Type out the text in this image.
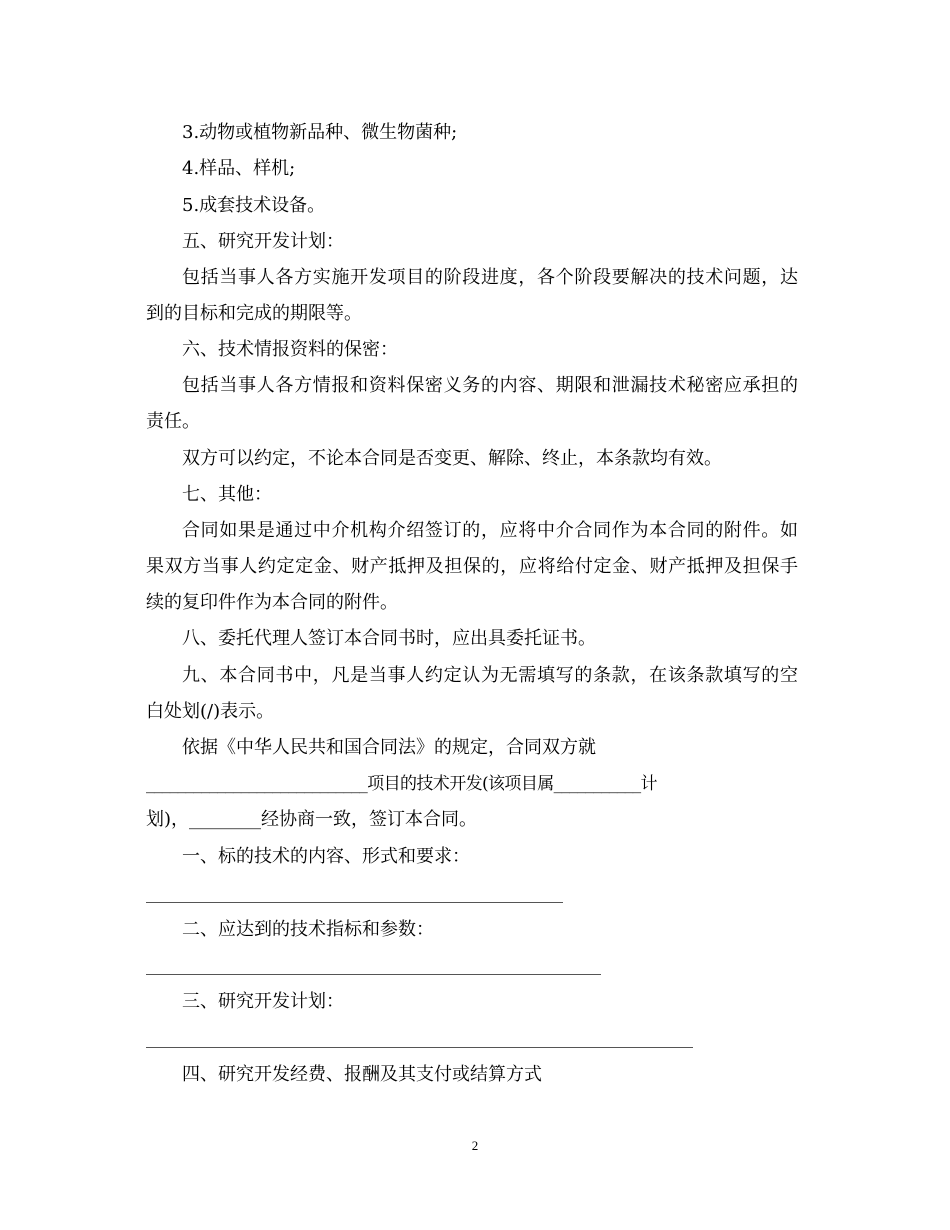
3.动物或植物新品种、微生物菌种;
4.样品、样机;
5.成套技术设备。
五、研究开发计划：
包括当事人各方实施开发项目的阶段进度，各个阶段要解决的技术问题，达
到的目标和完成的期限等。
六、技术情报资料的保密：
包括当事人各方情报和资料保密义务的内容、期限和泄漏技术秘密应承担的
责任。
双方可以约定，不论本合同是否变更、解除、终止，本条款均有效。
七、其他：
合同如果是通过中介机构介绍签订的，应将中介合同作为本合同的附件。如
果双方当事人约定定金、财产抵押及担保的，应将给付定金、财产抵押及担保手
续的复印件作为本合同的附件。
八、委托代理人签订本合同书时，应出具委托证书。
九、本合同书中，凡是当事人约定认为无需填写的条款，在该条款填写的空
白处划(/)表示。
依据《中华人民共和国合同法》的规定，合同双方就
____________________________项目的技术开发(该项目属___________计
划)，________经协商一致，签订本合同。
一、标的技术的内容、形式和要求：
二、应达到的技术指标和参数：
三、研究开发计划：
四、研究开发经费、报酬及其支付或结算方式
2
